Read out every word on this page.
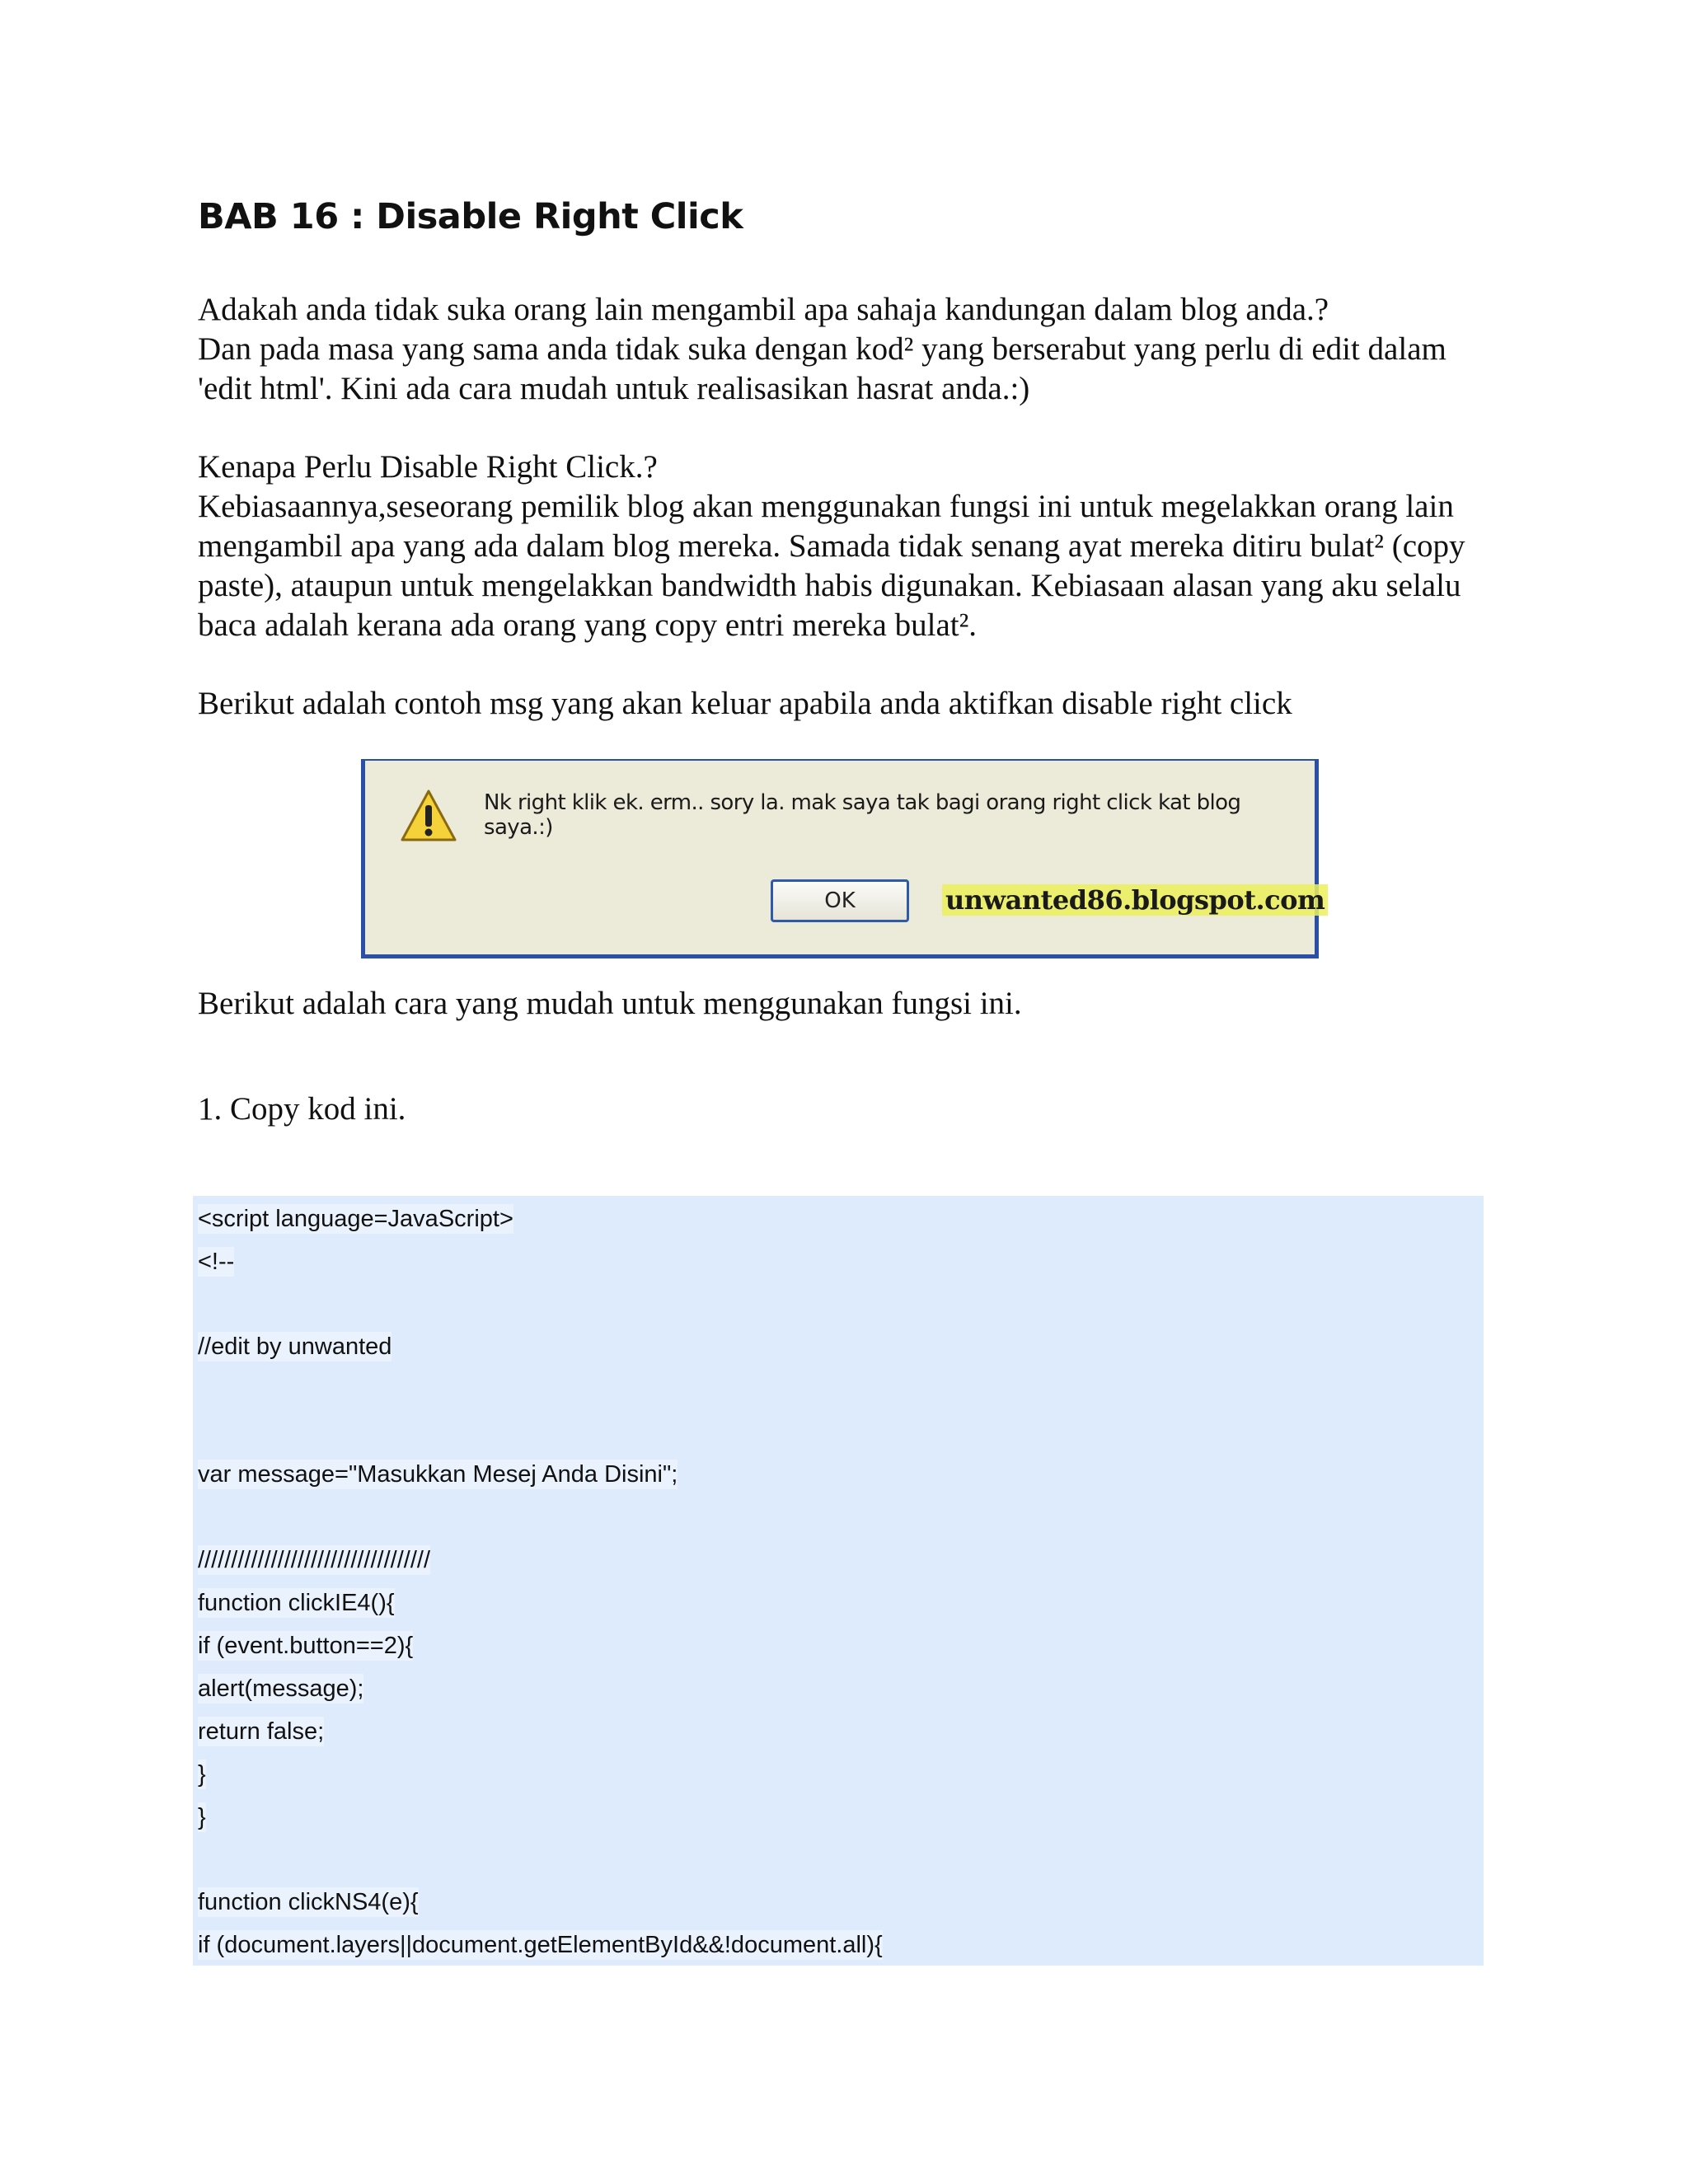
BAB 16 : Disable Right Click

Adakah anda tidak suka orang lain mengambil apa sahaja kandungan dalam blog anda.?

Dan pada masa yang sama anda tidak suka dengan kod² yang berserabut yang perlu di edit dalam 'edit html'. Kini ada cara mudah untuk realisasikan hasrat anda.:)

Kenapa Perlu Disable Right Click.?

Kebiasaannya,seseorang pemilik blog akan menggunakan fungsi ini untuk megelakkan orang lain mengambil apa yang ada dalam blog mereka. Samada tidak senang ayat mereka ditiru bulat² (copy paste), ataupun untuk mengelakkan bandwidth habis digunakan. Kebiasaan alasan yang aku selalu baca adalah kerana ada orang yang copy entri mereka bulat².

Berikut adalah contoh msg yang akan keluar apabila anda aktifkan disable right click
Nk right klik ek. erm.. sory la. mak saya tak bagi orang right click kat blog saya.:)
OK	unwanted86.blogspot.com
Berikut adalah cara yang mudah untuk menggunakan fungsi ini.
1. Copy kod ini.
<script language=JavaScript>
<!--
//edit by unwanted
var message="Masukkan Mesej Anda Disini";
///////////////////////////////////
function clickIE4(){
if (event.button==2){
alert(message);
return false;
}
}
function clickNS4(e){
if (document.layers||document.getElementById&&!document.all){
